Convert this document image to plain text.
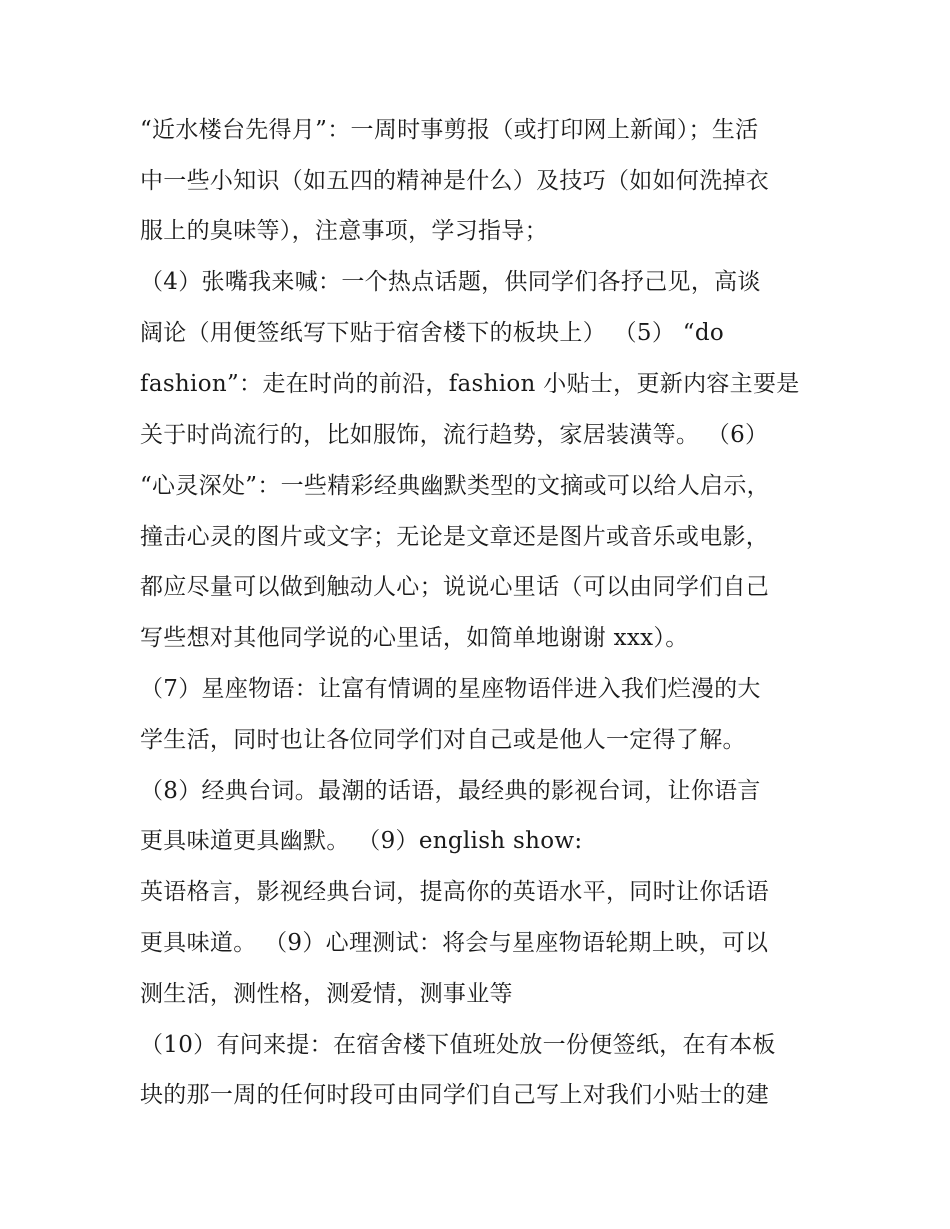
“近水楼台先得月”：一周时事剪报（或打印网上新闻）；生活
中一些小知识（如五四的精神是什么）及技巧（如如何洗掉衣
服上的臭味等），注意事项，学习指导；
（4）张嘴我来喊：一个热点话题，供同学们各抒己见，高谈
阔论（用便签纸写下贴于宿舍楼下的板块上） （5） “do
fashion”：走在时尚的前沿，fashion 小贴士，更新内容主要是
关于时尚流行的，比如服饰，流行趋势，家居装潢等。 （6）
“心灵深处”：一些精彩经典幽默类型的文摘或可以给人启示，
撞击心灵的图片或文字；无论是文章还是图片或音乐或电影，
都应尽量可以做到触动人心；说说心里话（可以由同学们自己
写些想对其他同学说的心里话，如简单地谢谢 xxx）。
（7）星座物语：让富有情调的星座物语伴进入我们烂漫的大
学生活，同时也让各位同学们对自己或是他人一定得了解。
（8）经典台词。最潮的话语，最经典的影视台词，让你语言
更具味道更具幽默。 （9）english show:
英语格言，影视经典台词，提高你的英语水平，同时让你话语
更具味道。 （9）心理测试：将会与星座物语轮期上映，可以
测生活，测性格，测爱情，测事业等
（10）有问来提：在宿舍楼下值班处放一份便签纸，在有本板
块的那一周的任何时段可由同学们自己写上对我们小贴士的建
